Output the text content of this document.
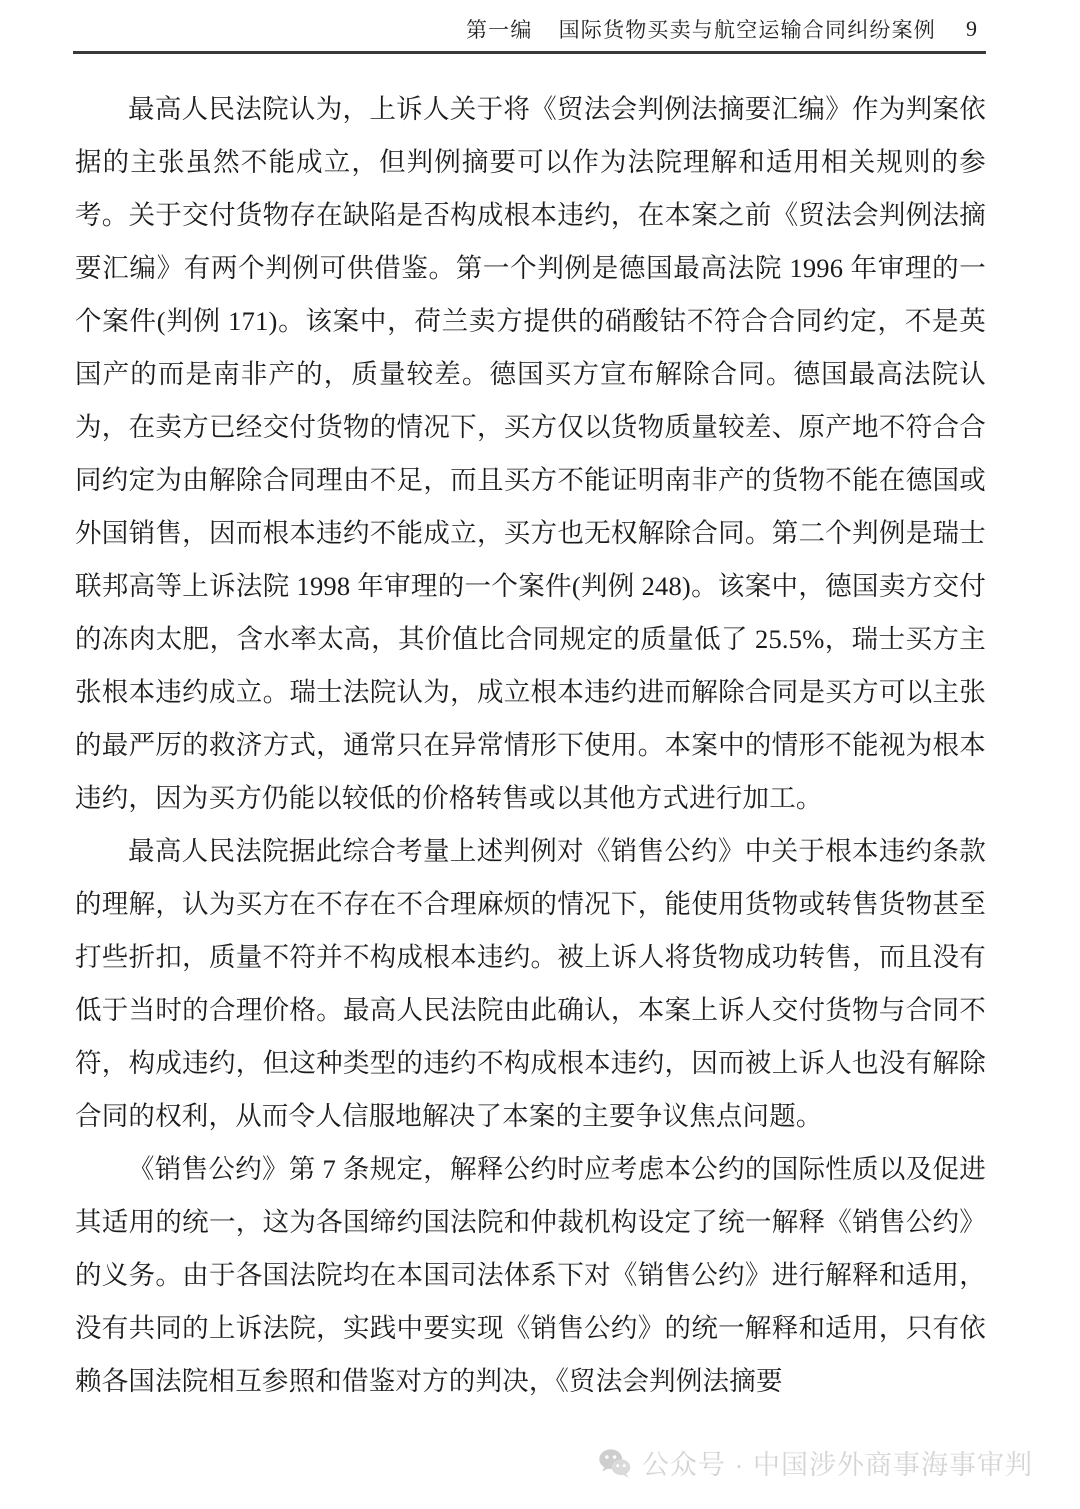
第一编 国际货物买卖与航空运输合同纠纷案例 9

最高人民法院认为，上诉人关于将《贸法会判例法摘要汇编》作为判案依据的主张虽然不能成立，但判例摘要可以作为法院理解和适用相关规则的参考。关于交付货物存在缺陷是否构成根本违约，在本案之前《贸法会判例法摘要汇编》有两个判例可供借鉴。第一个判例是德国最高法院 1996 年审理的一个案件(判例 171)。该案中，荷兰卖方提供的硝酸钴不符合合同约定，不是英国产的而是南非产的，质量较差。德国买方宣布解除合同。德国最高法院认为，在卖方已经交付货物的情况下，买方仅以货物质量较差、原产地不符合合同约定为由解除合同理由不足，而且买方不能证明南非产的货物不能在德国或外国销售，因而根本违约不能成立，买方也无权解除合同。第二个判例是瑞士联邦高等上诉法院 1998 年审理的一个案件(判例 248)。该案中，德国卖方交付的冻肉太肥，含水率太高，其价值比合同规定的质量低了 25.5%，瑞士买方主张根本违约成立。瑞士法院认为，成立根本违约进而解除合同是买方可以主张的最严厉的救济方式，通常只在异常情形下使用。本案中的情形不能视为根本违约，因为买方仍能以较低的价格转售或以其他方式进行加工。

最高人民法院据此综合考量上述判例对《销售公约》中关于根本违约条款的理解，认为买方在不存在不合理麻烦的情况下，能使用货物或转售货物甚至打些折扣，质量不符并不构成根本违约。被上诉人将货物成功转售，而且没有低于当时的合理价格。最高人民法院由此确认，本案上诉人交付货物与合同不符，构成违约，但这种类型的违约不构成根本违约，因而被上诉人也没有解除合同的权利，从而令人信服地解决了本案的主要争议焦点问题。

《销售公约》第 7 条规定，解释公约时应考虑本公约的国际性质以及促进其适用的统一，这为各国缔约国法院和仲裁机构设定了统一解释《销售公约》的义务。由于各国法院均在本国司法体系下对《销售公约》进行解释和适用，没有共同的上诉法院，实践中要实现《销售公约》的统一解释和适用，只有依赖各国法院相互参照和借鉴对方的判决，《贸法会判例法摘要

公众号 · 中国涉外商事海事审判
